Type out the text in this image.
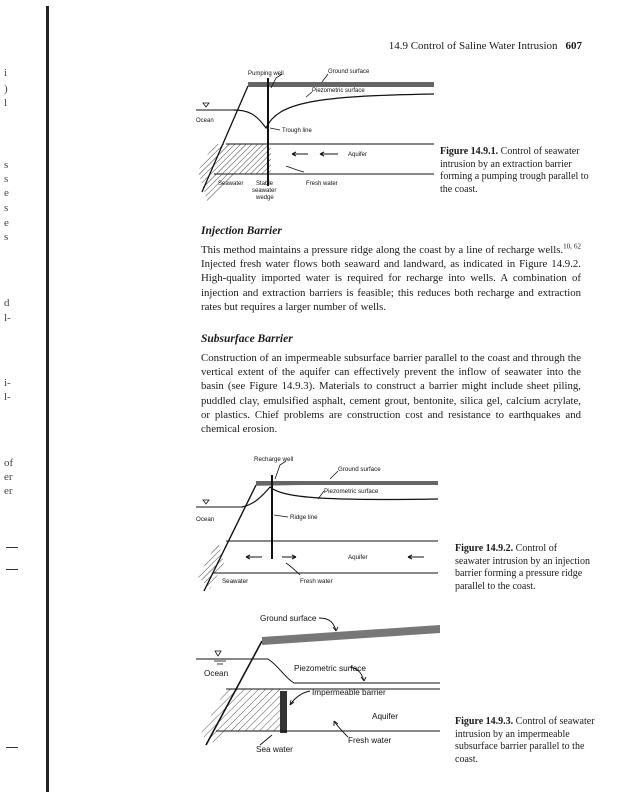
i
)
l
s
s
e
s
e
s
d
l-
i-
l-
of
er
er
14.9 Control of Saline Water Intrusion 607
Pumping well	Ground surface
Piezometric surface
Ocean
Trough line
Aquifer
Seawater Stable
seawater
wedge
Fresh water
Figure 14.9.1. Control of seawater intrusion by an extraction barrier forming a pumping trough parallel to the coast.
Injection Barrier
This method maintains a pressure ridge along the coast by a line of recharge wells.$^{10, 62}$ Injected fresh water flows both seaward and landward, as indicated in Figure 14.9.2. High-quality imported water is required for recharge into wells. A combination of injection and extraction barriers is feasible; this reduces both recharge and extraction rates but requires a larger number of wells.
Subsurface Barrier
Construction of an impermeable subsurface barrier parallel to the coast and through the vertical extent of the aquifer can effectively prevent the inflow of seawater into the basin (see Figure 14.9.3). Materials to construct a barrier might include sheet piling, puddled clay, emulsified asphalt, cement grout, bentonite, silica gel, calcium acrylate, or plastics. Chief problems are construction cost and resistance to earthquakes and chemical erosion.
Recharge well
Ground surface
Piezometric surface
Ocean	Ridge line
Aquifer
Seawater	Fresh water
Figure 14.9.2. Control of seawater intrusion by an injection barrier forming a pressure ridge parallel to the coast.
Ground surface
Piezometric surface
Ocean
Impermeable barrier
Aquifer
Sea water
Fresh water
Figure 14.9.3. Control of seawater intrusion by an impermeable subsurface barrier parallel to the coast.
